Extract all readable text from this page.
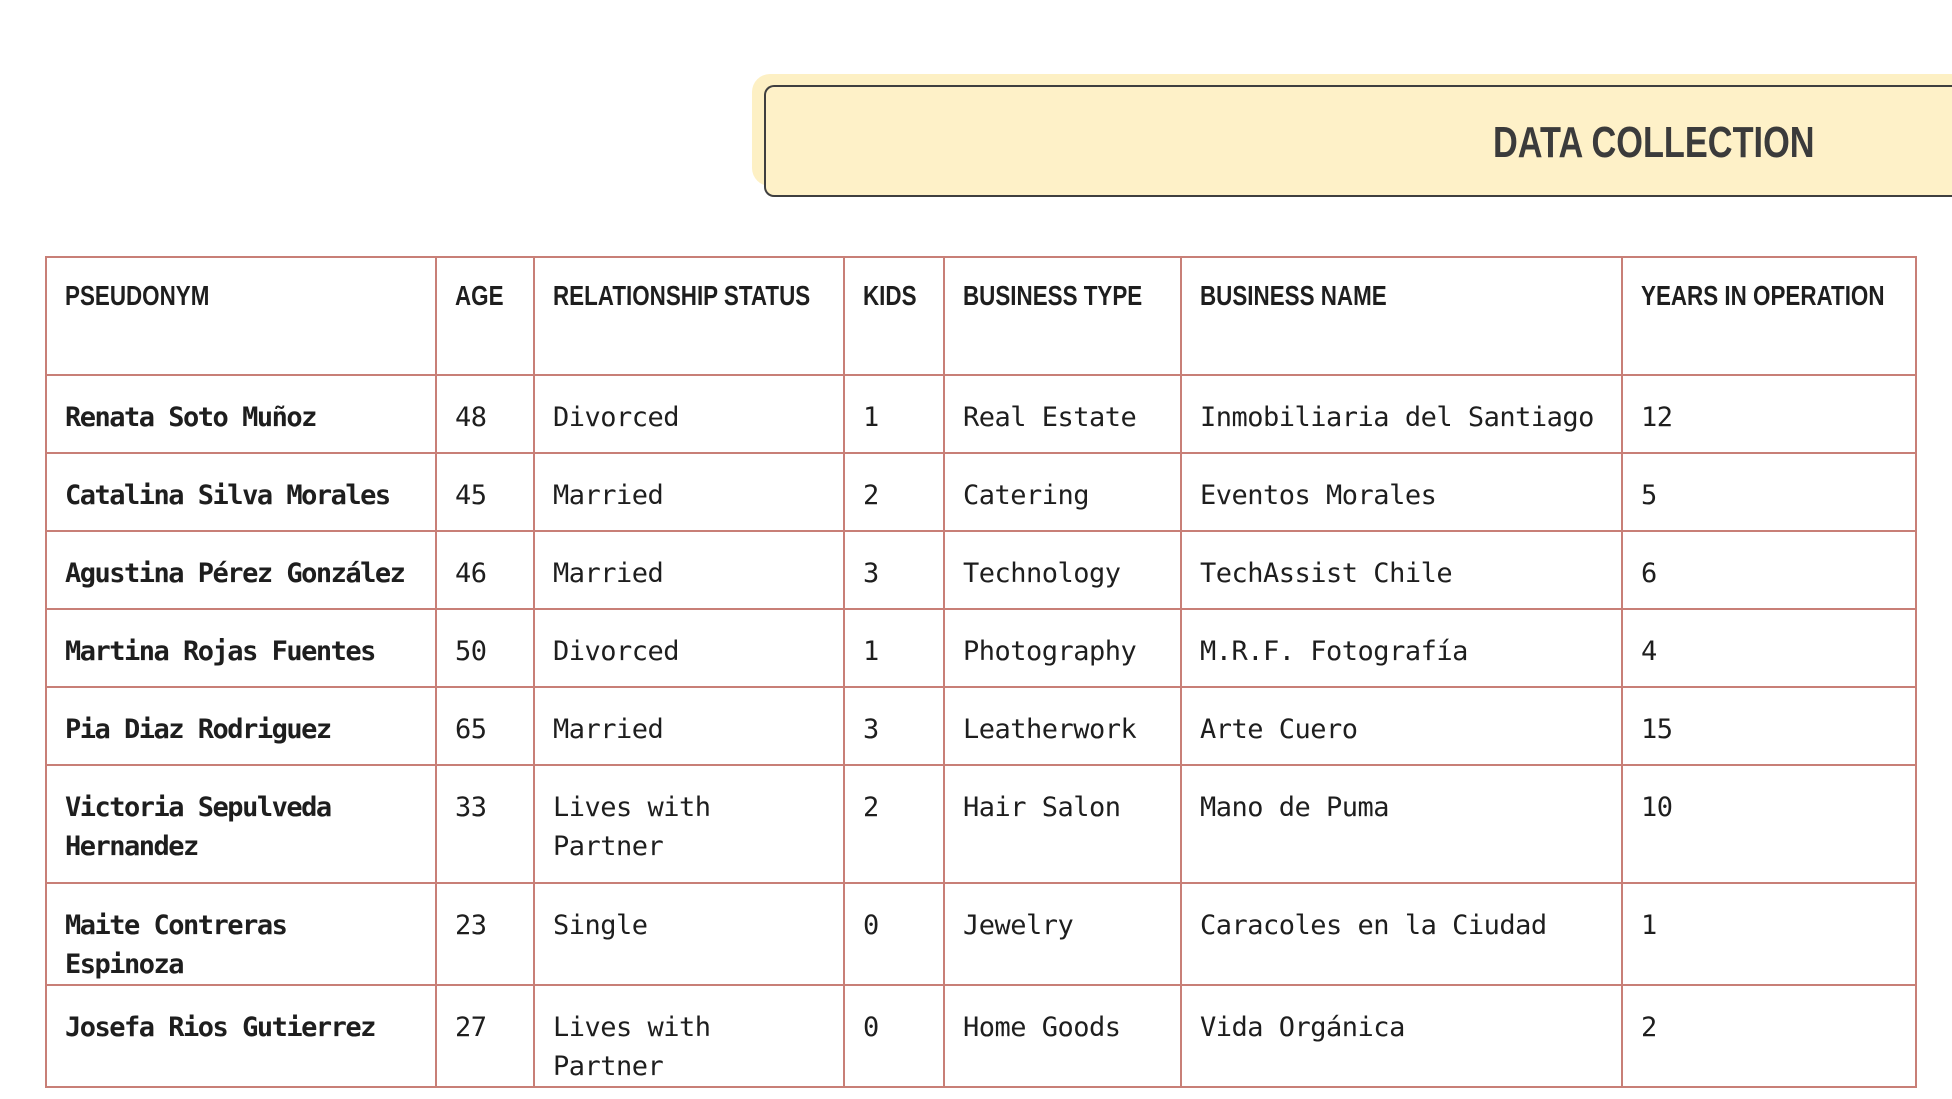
DATA COLLECTION
PSEUDONYM	AGE	RELATIONSHIP STATUS	KIDS	BUSINESS TYPE	BUSINESS NAME	YEARS IN OPERATION
Renata Soto Muñoz	48	Divorced	1	Real Estate	Inmobiliaria del Santiago	12
Catalina Silva Morales	45	Married	2	Catering	Eventos Morales	5
Agustina Pérez González	46	Married	3	Technology	TechAssist Chile	6
Martina Rojas Fuentes	50	Divorced	1	Photography	M.R.F. Fotografía	4
Pia Diaz Rodriguez	65	Married	3	Leatherwork	Arte Cuero	15
Victoria Sepulveda Hernandez	33	Lives with Partner	2	Hair Salon	Mano de Puma	10
Maite Contreras Espinoza	23	Single	0	Jewelry	Caracoles en la Ciudad	1
Josefa Rios Gutierrez	27	Lives with Partner	0	Home Goods	Vida Orgánica	2
